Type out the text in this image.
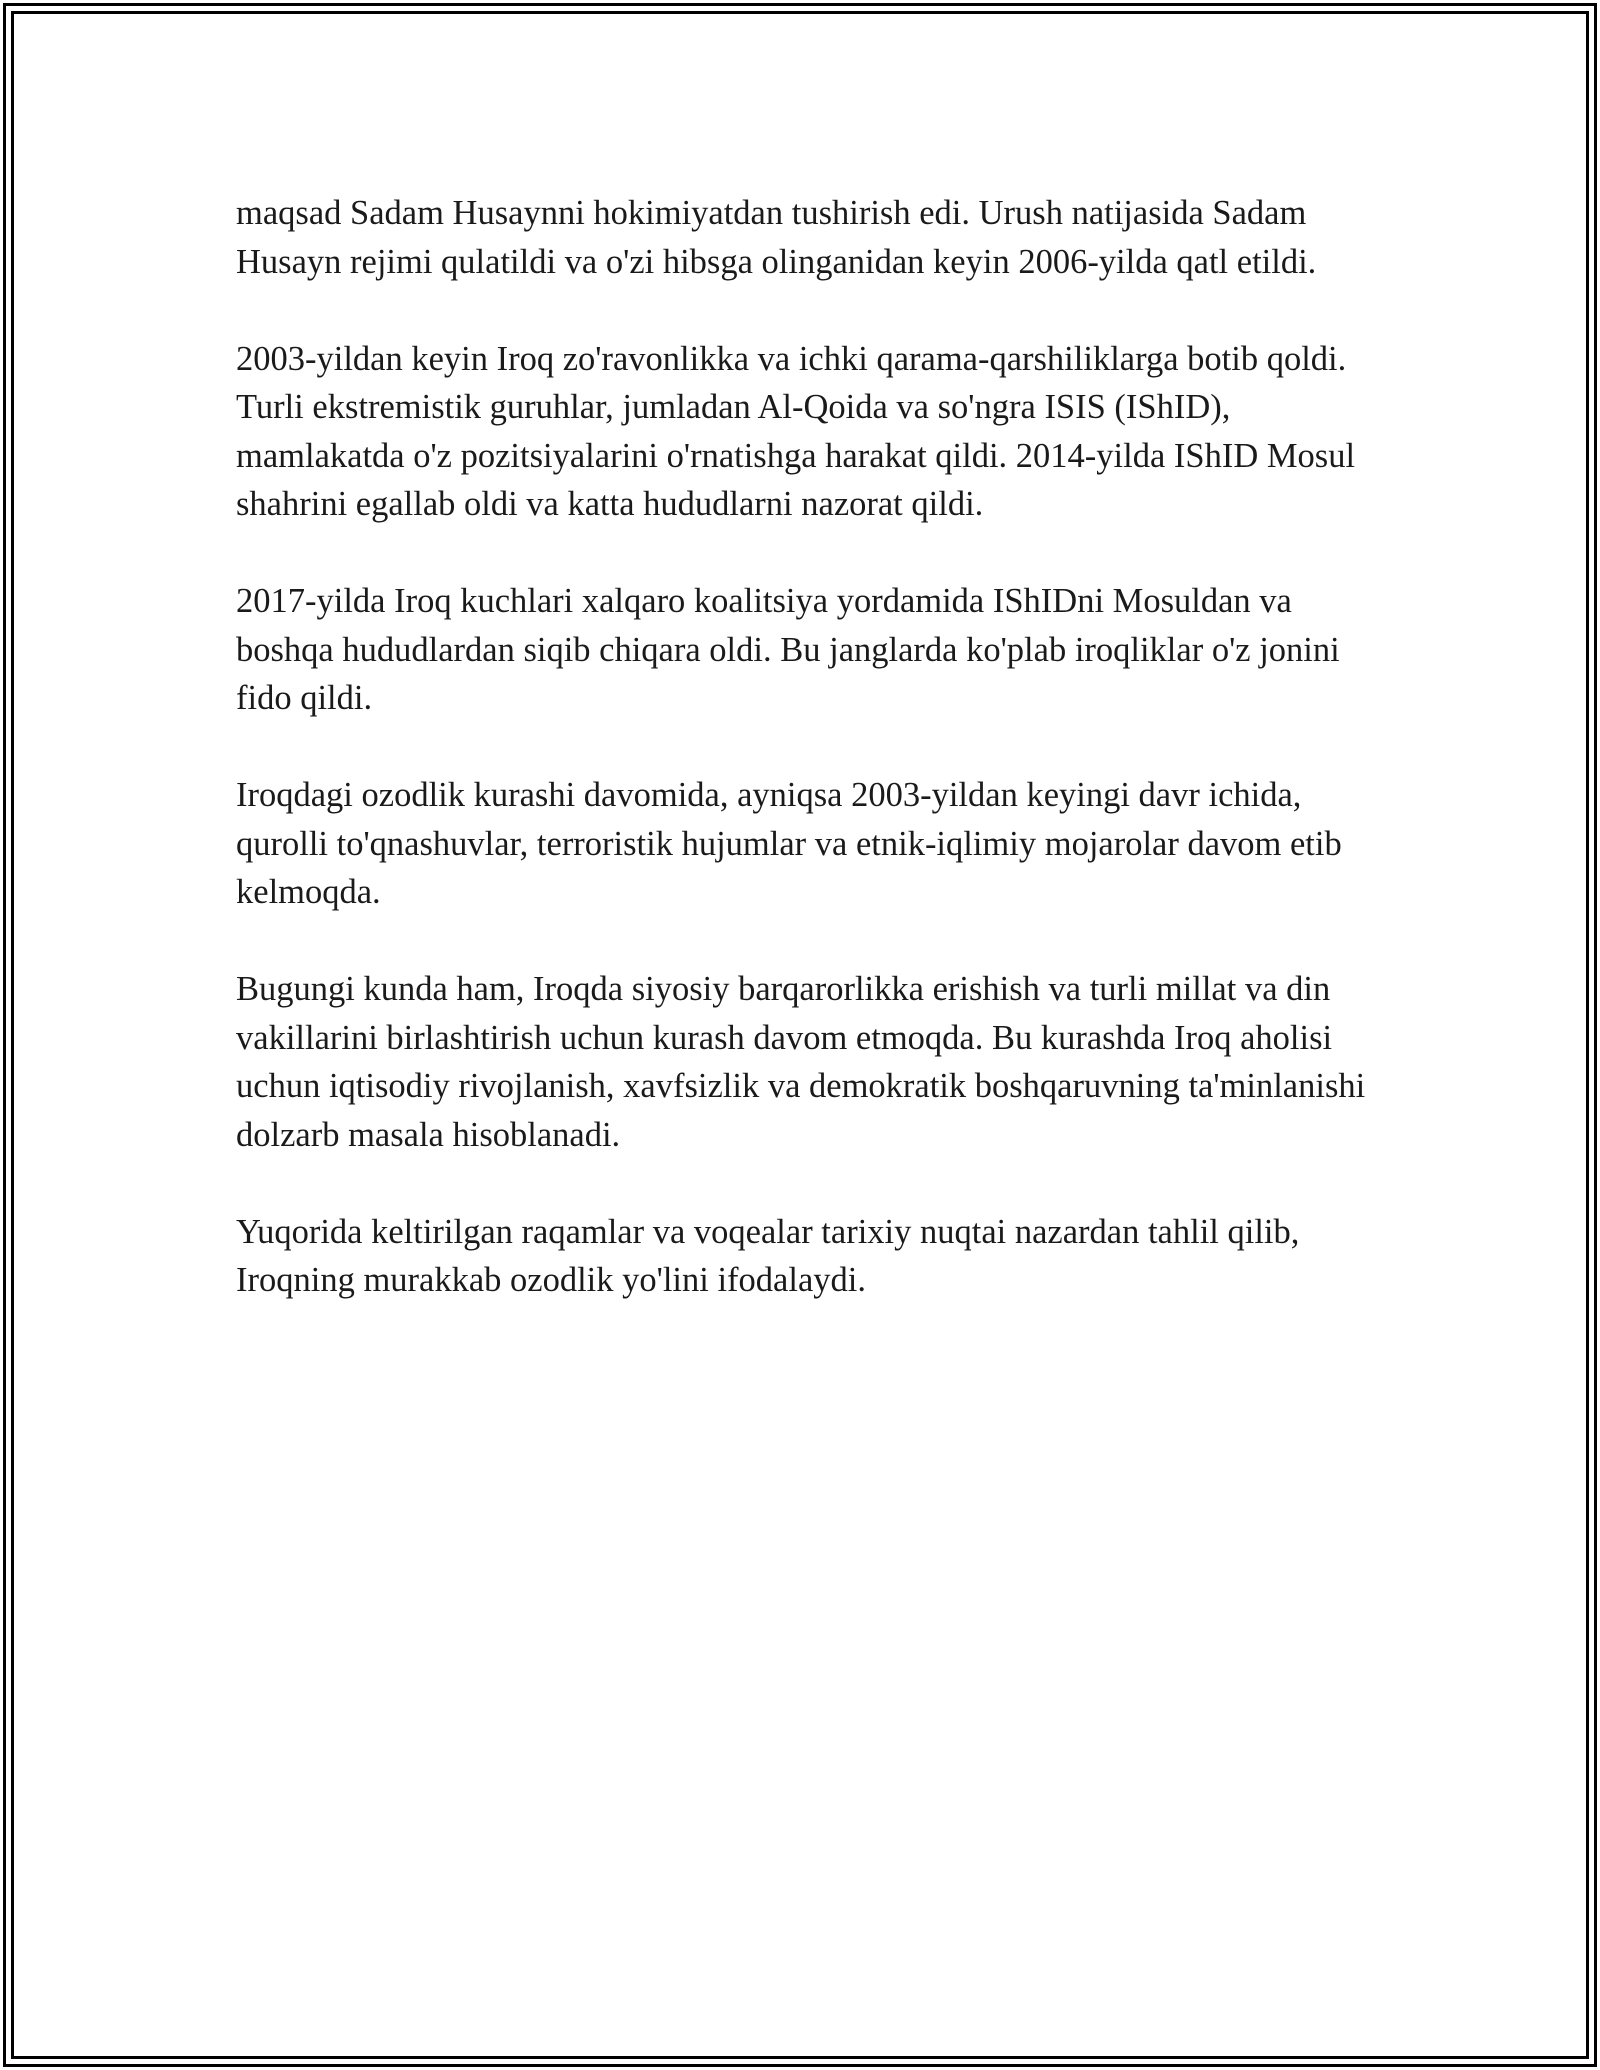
maqsad Sadam Husaynni hokimiyatdan tushirish edi. Urush natijasida Sadam Husayn rejimi qulatildi va o'zi hibsga olinganidan keyin 2006-yilda qatl etildi.

2003-yildan keyin Iroq zo'ravonlikka va ichki qarama-qarshiliklarga botib qoldi. Turli ekstremistik guruhlar, jumladan Al-Qoida va so'ngra ISIS (IShID), mamlakatda o'z pozitsiyalarini o'rnatishga harakat qildi. 2014-yilda IShID Mosul shahrini egallab oldi va katta hududlarni nazorat qildi.

2017-yilda Iroq kuchlari xalqaro koalitsiya yordamida IShIDni Mosuldan va boshqa hududlardan siqib chiqara oldi. Bu janglarda ko'plab iroqliklar o'z jonini fido qildi.

Iroqdagi ozodlik kurashi davomida, ayniqsa 2003-yildan keyingi davr ichida, qurolli to'qnashuvlar, terroristik hujumlar va etnik-iqlimiy mojarolar davom etib kelmoqda.

Bugungi kunda ham, Iroqda siyosiy barqarorlikka erishish va turli millat va din vakillarini birlashtirish uchun kurash davom etmoqda. Bu kurashda Iroq aholisi uchun iqtisodiy rivojlanish, xavfsizlik va demokratik boshqaruvning ta'minlanishi dolzarb masala hisoblanadi.

Yuqorida keltirilgan raqamlar va voqealar tarixiy nuqtai nazardan tahlil qilib, Iroqning murakkab ozodlik yo'lini ifodalaydi.
